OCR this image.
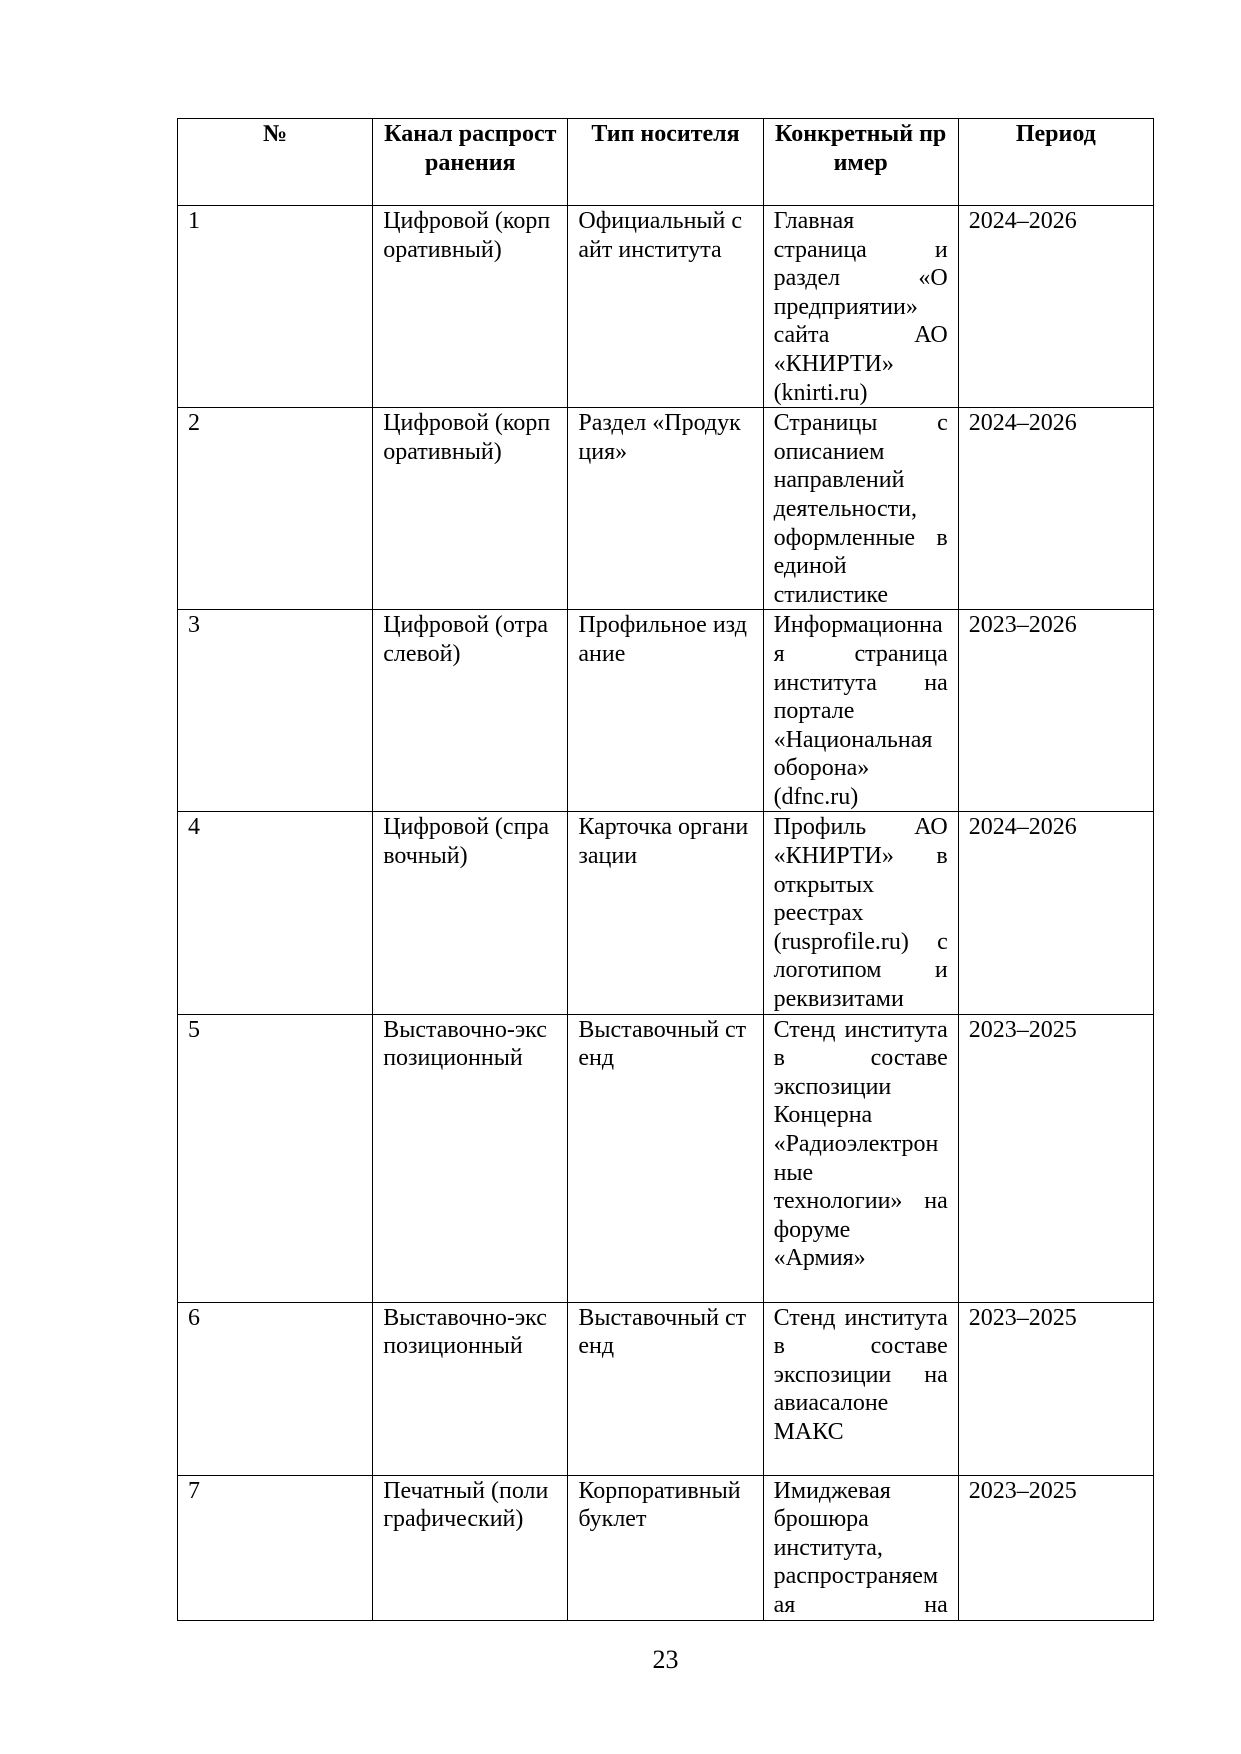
№	Канал распространения	Тип носителя	Конкретный пример	Период
1	Цифровой (корпоративный)	Официальный сайт института	Главная страница и раздел «О предприятии» сайта АО «КНИРТИ» (knirti.ru)	2024–2026
2	Цифровой (корпоративный)	Раздел «Продукция»	Страницы с описанием направлений деятельности, оформленные в единой стилистике	2024–2026
3	Цифровой (отраслевой)	Профильное издание	Информационная страница института на портале «Национальная оборона» (dfnc.ru)	2023–2026
4	Цифровой (справочный)	Карточка организации	Профиль АО «КНИРТИ» в открытых реестрах (rusprofile.ru) с логотипом и реквизитами	2024–2026
5	Выставочно-экспозиционный	Выставочный стенд	Стенд института в составе экспозиции Концерна «Радиоэлектронные технологии» на форуме «Армия»	2023–2025
6	Выставочно-экспозиционный	Выставочный стенд	Стенд института в составе экспозиции на авиасалоне МАКС	2023–2025
7	Печатный (полиграфический)	Корпоративный буклет	Имиджевая брошюра института, распространяемая на	2023–2025
23
